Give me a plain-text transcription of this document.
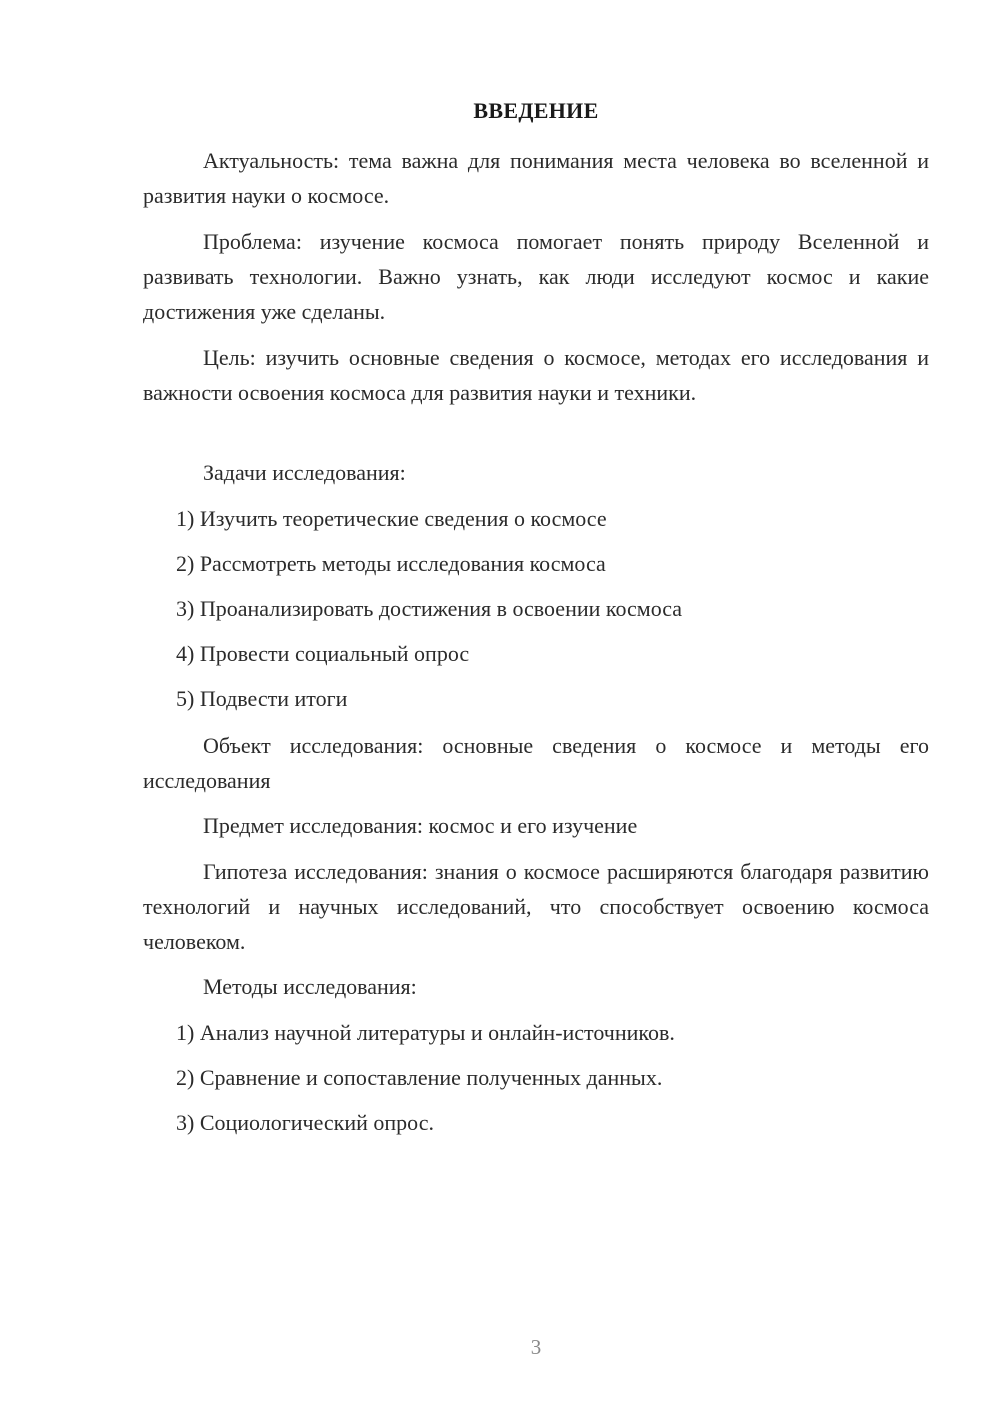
ВВЕДЕНИЕ

Актуальность: тема важна для понимания места человека во вселенной и развития науки о космосе.

Проблема: изучение космоса помогает понять природу Вселенной и развивать технологии. Важно узнать, как люди исследуют космос и какие достижения уже сделаны.

Цель: изучить основные сведения о космосе, методах его исследования и важности освоения космоса для развития науки и техники.

Задачи исследования:

1) Изучить теоретические сведения о космосе

2) Рассмотреть методы исследования космоса

3) Проанализировать достижения в освоении космоса

4) Провести социальный опрос

5) Подвести итоги

Объект исследования: основные сведения о космосе и методы его исследования

Предмет исследования: космос и его изучение

Гипотеза исследования: знания о космосе расширяются благодаря развитию технологий и научных исследований, что способствует освоению космоса человеком.

Методы исследования:

1) Анализ научной литературы и онлайн-источников.

2) Сравнение и сопоставление полученных данных.

3) Социологический опрос.

3
